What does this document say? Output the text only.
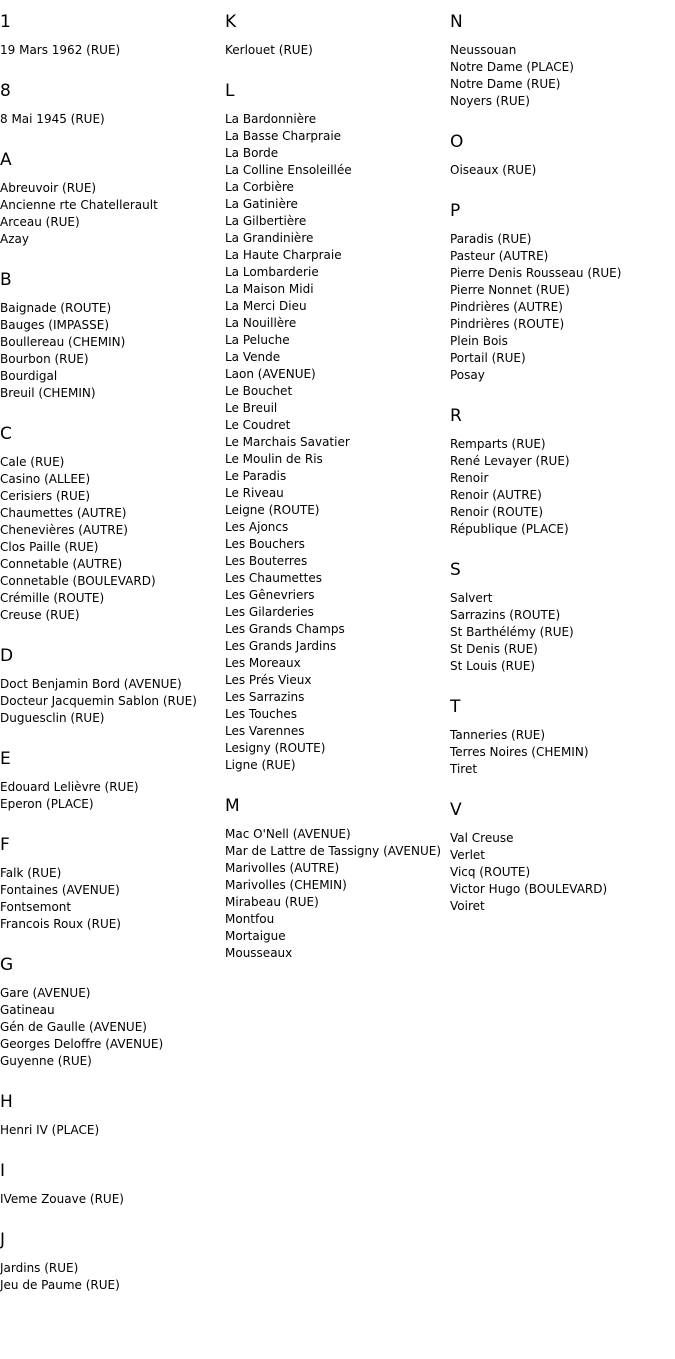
1
19 Mars 1962 (RUE)
8
8 Mai 1945 (RUE)
A
Abreuvoir (RUE)
Ancienne rte Chatellerault
Arceau (RUE)
Azay
B
Baignade (ROUTE)
Bauges (IMPASSE)
Boullereau (CHEMIN)
Bourbon (RUE)
Bourdigal
Breuil (CHEMIN)
C
Cale (RUE)
Casino (ALLEE)
Cerisiers (RUE)
Chaumettes (AUTRE)
Chenevières (AUTRE)
Clos Paille (RUE)
Connetable (AUTRE)
Connetable (BOULEVARD)
Crémille (ROUTE)
Creuse (RUE)
D
Doct Benjamin Bord (AVENUE)
Docteur Jacquemin Sablon (RUE)
Duguesclin (RUE)
E
Edouard Lelièvre (RUE)
Eperon (PLACE)
F
Falk (RUE)
Fontaines (AVENUE)
Fontsemont
Francois Roux (RUE)
G
Gare (AVENUE)
Gatineau
Gén de Gaulle (AVENUE)
Georges Deloffre (AVENUE)
Guyenne (RUE)
H
Henri IV (PLACE)
I
IVeme Zouave (RUE)
J
Jardins (RUE)
Jeu de Paume (RUE)
K
Kerlouet (RUE)
L
La Bardonnière
La Basse Charpraie
La Borde
La Colline Ensoleillée
La Corbière
La Gatinière
La Gilbertière
La Grandinière
La Haute Charpraie
La Lombarderie
La Maison Midi
La Merci Dieu
La Nouillère
La Peluche
La Vende
Laon (AVENUE)
Le Bouchet
Le Breuil
Le Coudret
Le Marchais Savatier
Le Moulin de Ris
Le Paradis
Le Riveau
Leigne (ROUTE)
Les Ajoncs
Les Bouchers
Les Bouterres
Les Chaumettes
Les Gênevriers
Les Gilarderies
Les Grands Champs
Les Grands Jardins
Les Moreaux
Les Prés Vieux
Les Sarrazins
Les Touches
Les Varennes
Lesigny (ROUTE)
Ligne (RUE)
M
Mac O'Nell (AVENUE)
Mar de Lattre de Tassigny (AVENUE)
Marivolles (AUTRE)
Marivolles (CHEMIN)
Mirabeau (RUE)
Montfou
Mortaigue
Mousseaux
N
Neussouan
Notre Dame (PLACE)
Notre Dame (RUE)
Noyers (RUE)
O
Oiseaux (RUE)
P
Paradis (RUE)
Pasteur (AUTRE)
Pierre Denis Rousseau (RUE)
Pierre Nonnet (RUE)
Pindrières (AUTRE)
Pindrières (ROUTE)
Plein Bois
Portail (RUE)
Posay
R
Remparts (RUE)
René Levayer (RUE)
Renoir
Renoir (AUTRE)
Renoir (ROUTE)
République (PLACE)
S
Salvert
Sarrazins (ROUTE)
St Barthélémy (RUE)
St Denis (RUE)
St Louis (RUE)
T
Tanneries (RUE)
Terres Noires (CHEMIN)
Tiret
V
Val Creuse
Verlet
Vicq (ROUTE)
Victor Hugo (BOULEVARD)
Voiret
